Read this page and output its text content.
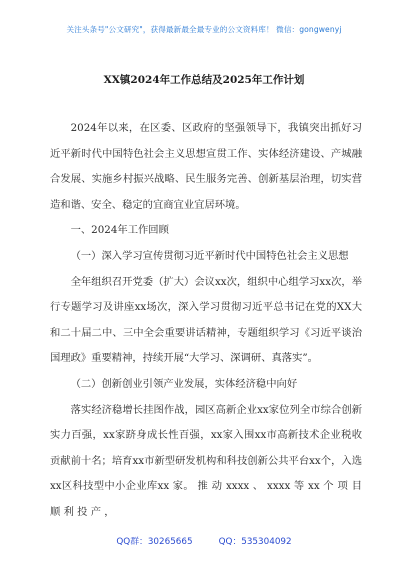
关注头条号"公文研究"，获得最新最全最专业的公文资料库！ 微信：gongwenyj
XX镇2024年工作总结及2025年工作计划

2024年以来，在区委、区政府的坚强领导下，我镇突出抓好习近平新时代中国特色社会主义思想宣贯工作、实体经济建设、产城融合发展、实施乡村振兴战略、民生服务完善、创新基层治理，切实营造和谐、安全、稳定的宜商宜业宜居环境。

一、2024年工作回顾

（一）深入学习宣传贯彻习近平新时代中国特色社会主义思想

全年组织召开党委（扩大）会议xx次，组织中心组学习xx次，举行专题学习及讲座xx场次，深入学习贯彻习近平总书记在党的XX大和二十届二中、三中全会重要讲话精神，专题组织学习《习近平谈治国理政》重要精神，持续开展“大学习、深调研、真落实”。

（二）创新创业引领产业发展，实体经济稳中向好

落实经济稳增长挂图作战，园区高新企业xx家位列全市综合创新实力百强，xx家跻身成长性百强，xx家入围xx市高新技术企业税收贡献前十名；培育xx市新型研发机构和科技创新公共平台xx个，入选xx区科技型中小企业库xx 家。 推 动 xxxx 、 xxxx 等 xx 个 项 目 顺 利 投 产 ，

QQ群：30265665	QQ：535304092
